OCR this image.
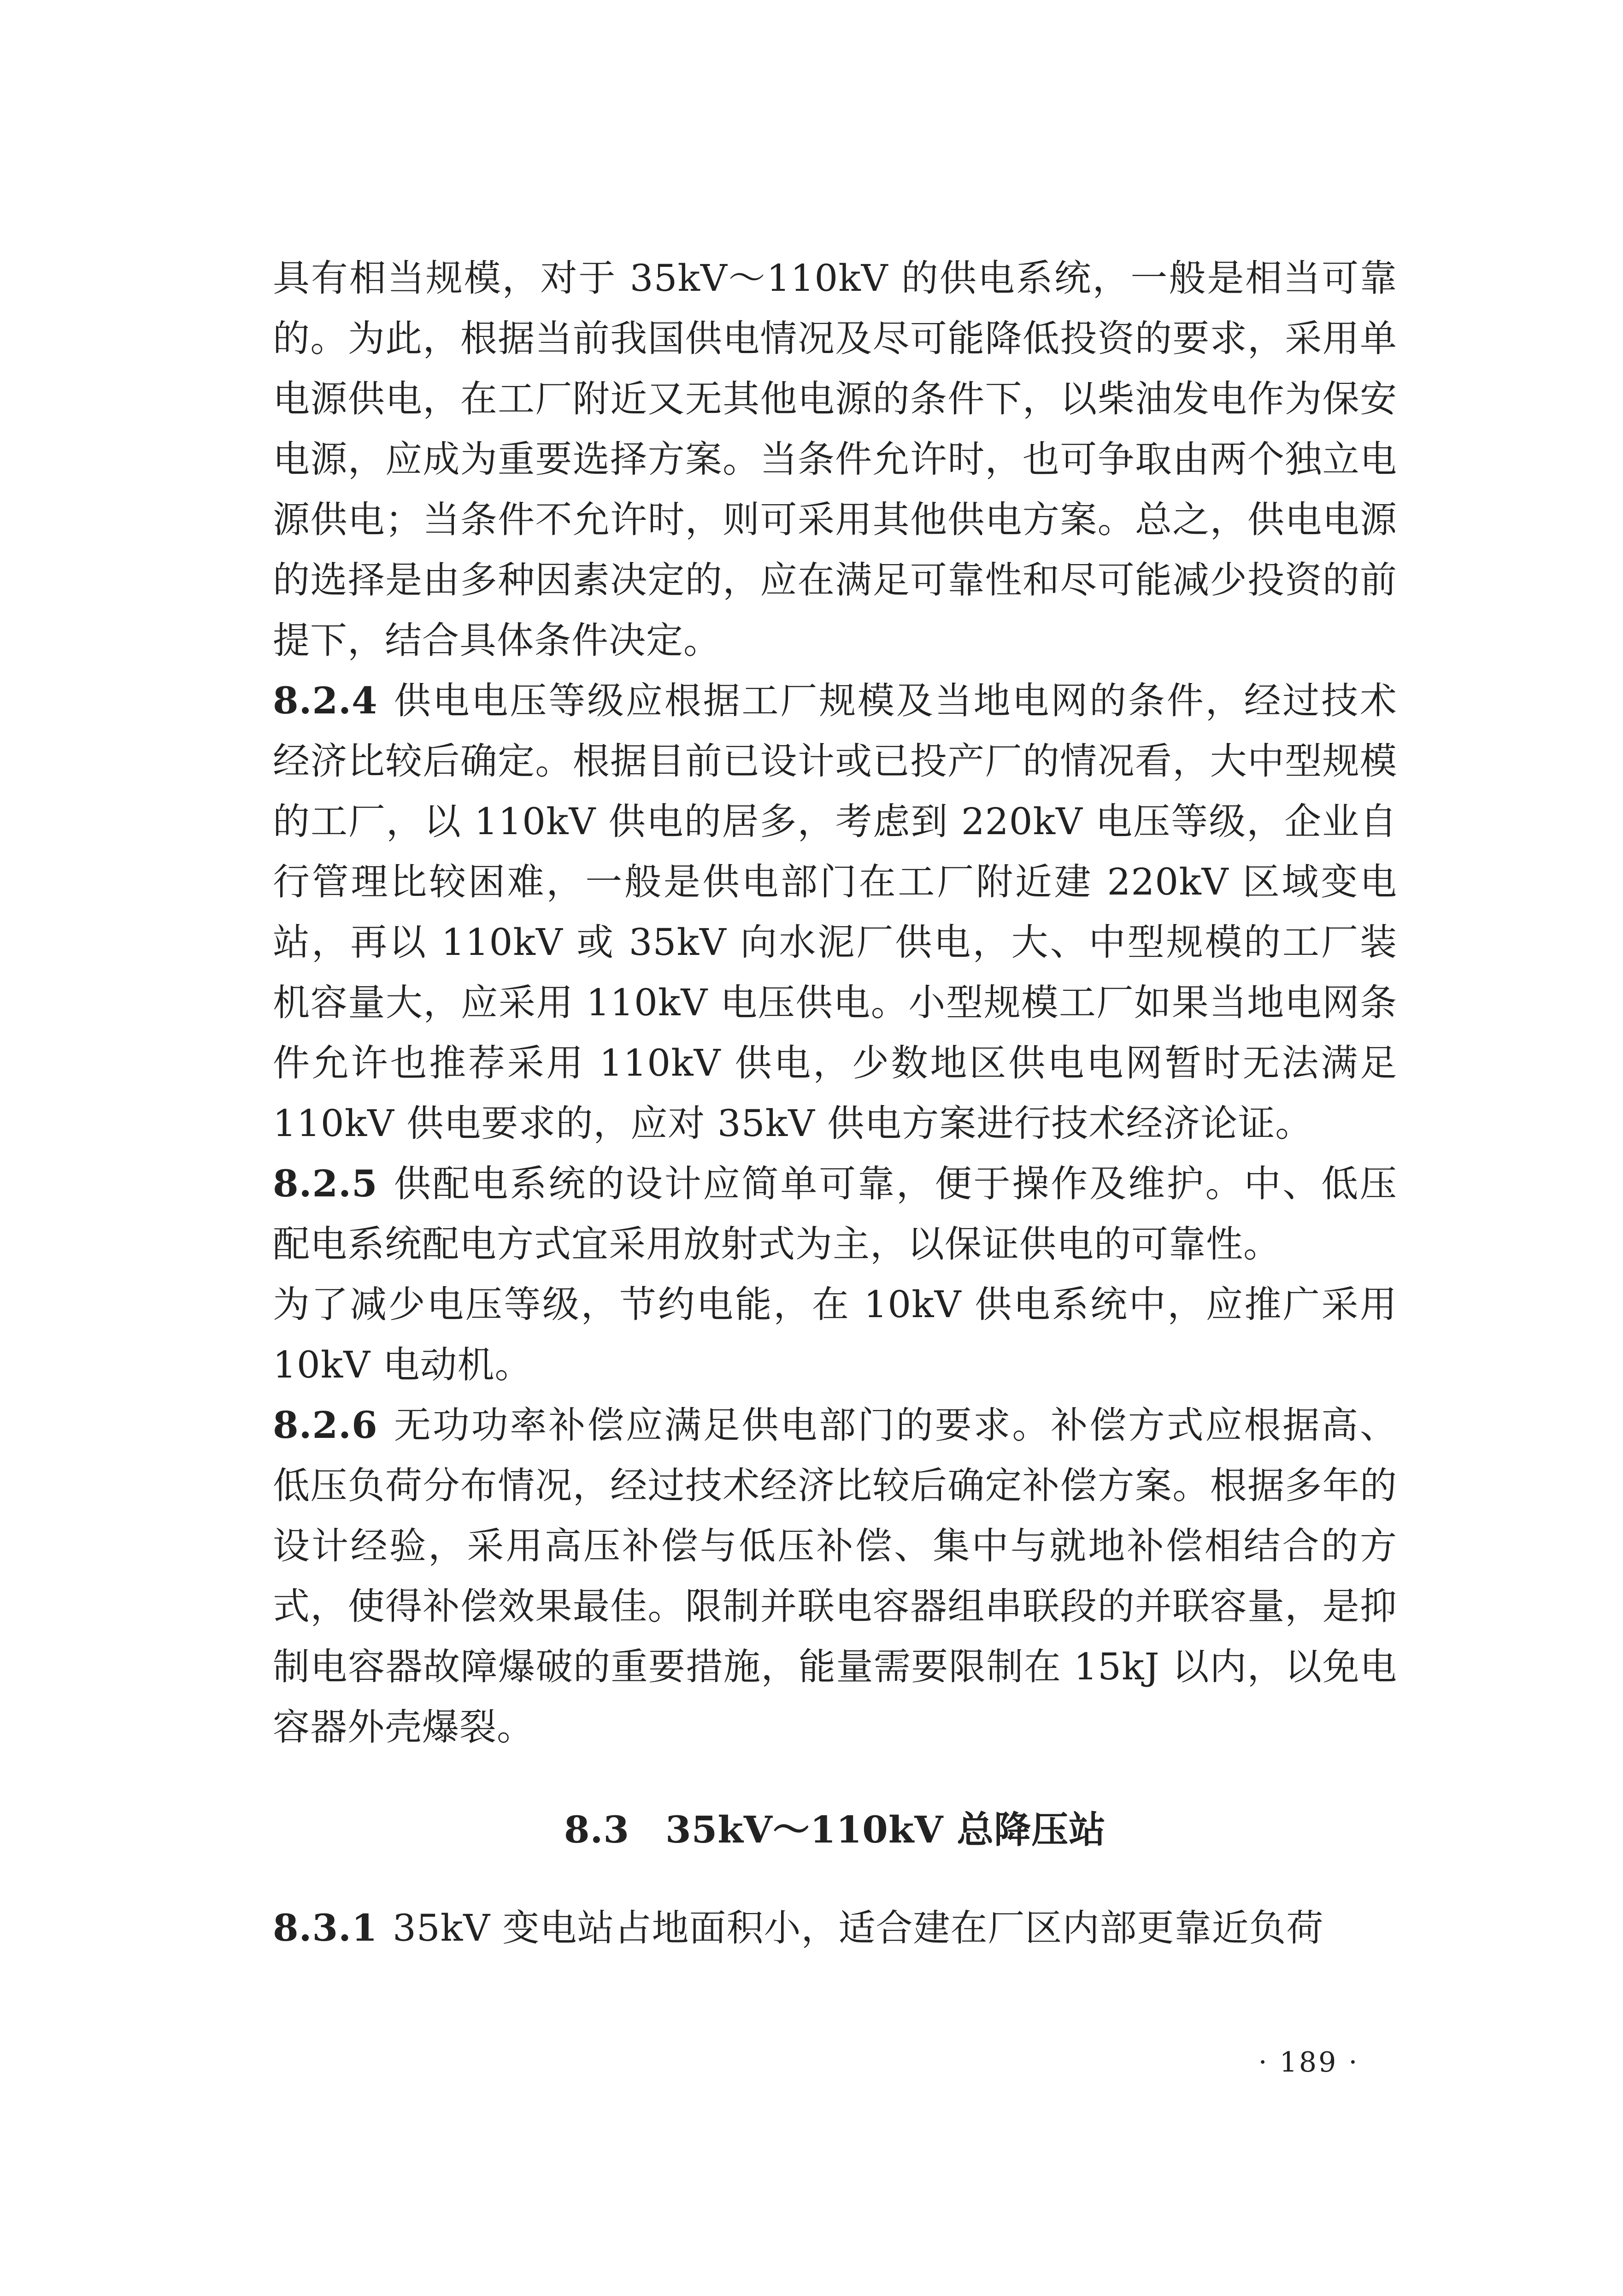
具有相当规模，对于 35kV～110kV 的供电系统，一般是相当可靠的。为此，根据当前我国供电情况及尽可能降低投资的要求，采用单电源供电，在工厂附近又无其他电源的条件下，以柴油发电作为保安电源，应成为重要选择方案。当条件允许时，也可争取由两个独立电源供电；当条件不允许时，则可采用其他供电方案。总之，供电电源的选择是由多种因素决定的，应在满足可靠性和尽可能减少投资的前提下，结合具体条件决定。

8.2.4 供电电压等级应根据工厂规模及当地电网的条件，经过技术经济比较后确定。根据目前已设计或已投产厂的情况看，大中型规模的工厂，以 110kV 供电的居多，考虑到 220kV 电压等级，企业自行管理比较困难，一般是供电部门在工厂附近建 220kV 区域变电站，再以 110kV 或 35kV 向水泥厂供电，大、中型规模的工厂装机容量大，应采用 110kV 电压供电。小型规模工厂如果当地电网条件允许也推荐采用 110kV 供电，少数地区供电电网暂时无法满足 110kV 供电要求的，应对 35kV 供电方案进行技术经济论证。

8.2.5 供配电系统的设计应简单可靠，便于操作及维护。中、低压配电系统配电方式宜采用放射式为主，以保证供电的可靠性。

为了减少电压等级，节约电能，在 10kV 供电系统中，应推广采用 10kV 电动机。

8.2.6 无功功率补偿应满足供电部门的要求。补偿方式应根据高、低压负荷分布情况，经过技术经济比较后确定补偿方案。根据多年的设计经验，采用高压补偿与低压补偿、集中与就地补偿相结合的方式，使得补偿效果最佳。限制并联电容器组串联段的并联容量，是抑制电容器故障爆破的重要措施，能量需要限制在 15kJ 以内，以免电容器外壳爆裂。

8.3 35kV～110kV 总降压站

8.3.1 35kV 变电站占地面积小，适合建在厂区内部更靠近负荷

· 189 ·
